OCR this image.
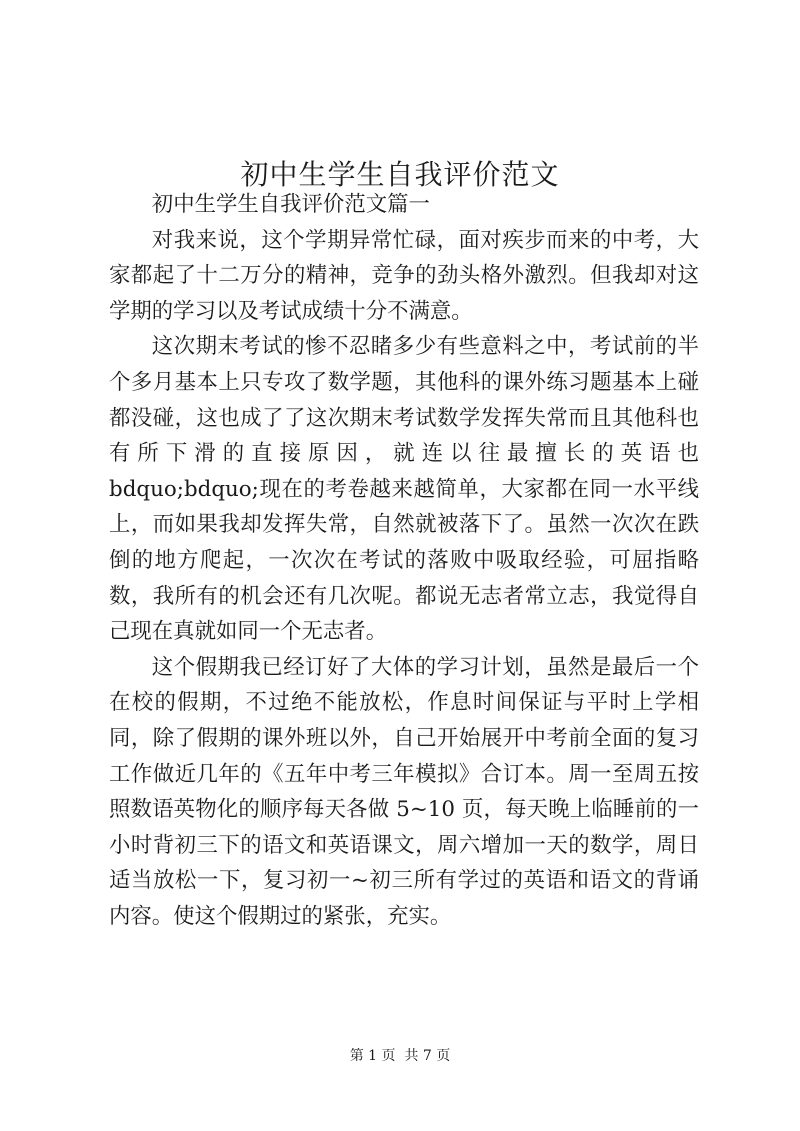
初中生学生自我评价范文

初中生学生自我评价范文篇一

对我来说，这个学期异常忙碌，面对疾步而来的中考，大家都起了十二万分的精神，竞争的劲头格外激烈。但我却对这学期的学习以及考试成绩十分不满意。

这次期末考试的惨不忍睹多少有些意料之中，考试前的半个多月基本上只专攻了数学题，其他科的课外练习题基本上碰都没碰，这也成了了这次期末考试数学发挥失常而且其他科也有所下滑的直接原因，就连以往最擅长的英语也 bdquo;bdquo;现在的考卷越来越简单，大家都在同一水平线上，而如果我却发挥失常，自然就被落下了。虽然一次次在跌倒的地方爬起，一次次在考试的落败中吸取经验，可屈指略数，我所有的机会还有几次呢。都说无志者常立志，我觉得自己现在真就如同一个无志者。

这个假期我已经订好了大体的学习计划，虽然是最后一个在校的假期，不过绝不能放松，作息时间保证与平时上学相同，除了假期的课外班以外，自己开始展开中考前全面的复习工作做近几年的《五年中考三年模拟》合订本。周一至周五按照数语英物化的顺序每天各做 5~10 页，每天晚上临睡前的一小时背初三下的语文和英语课文，周六增加一天的数学，周日适当放松一下，复习初一~初三所有学过的英语和语文的背诵内容。使这个假期过的紧张，充实。

第 1 页  共 7 页
